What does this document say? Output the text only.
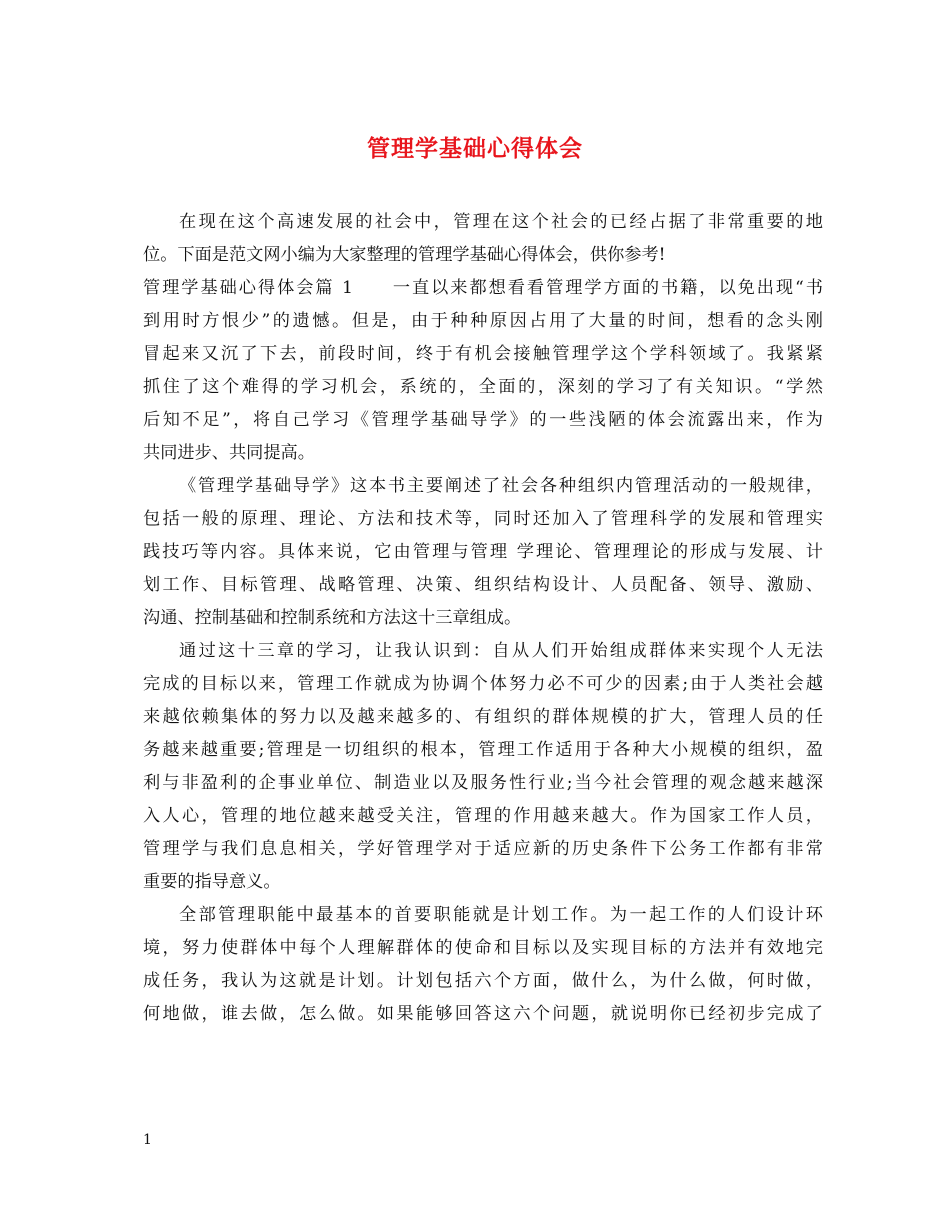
管理学基础心得体会

在现在这个高速发展的社会中，管理在这个社会的已经占据了非常重要的地

位。下面是范文网小编为大家整理的管理学基础心得体会，供你参考!

管理学基础心得体会篇 1 一直以来都想看看管理学方面的书籍，以免出现“书

到用时方恨少”的遗憾。但是，由于种种原因占用了大量的时间，想看的念头刚

冒起来又沉了下去，前段时间，终于有机会接触管理学这个学科领域了。我紧紧

抓住了这个难得的学习机会，系统的，全面的，深刻的学习了有关知识。“学然

后知不足”，将自己学习《管理学基础导学》的一些浅陋的体会流露出来，作为

共同进步、共同提高。

《管理学基础导学》这本书主要阐述了社会各种组织内管理活动的一般规律，

包括一般的原理、理论、方法和技术等，同时还加入了管理科学的发展和管理实

践技巧等内容。具体来说，它由管理与管理 学理论、管理理论的形成与发展、计

划工作、目标管理、战略管理、决策、组织结构设计、人员配备、领导、激励、

沟通、控制基础和控制系统和方法这十三章组成。

通过这十三章的学习，让我认识到：自从人们开始组成群体来实现个人无法

完成的目标以来，管理工作就成为协调个体努力必不可少的因素;由于人类社会越

来越依赖集体的努力以及越来越多的、有组织的群体规模的扩大，管理人员的任

务越来越重要;管理是一切组织的根本，管理工作适用于各种大小规模的组织，盈

利与非盈利的企事业单位、制造业以及服务性行业;当今社会管理的观念越来越深

入人心，管理的地位越来越受关注，管理的作用越来越大。作为国家工作人员，

管理学与我们息息相关，学好管理学对于适应新的历史条件下公务工作都有非常

重要的指导意义。

全部管理职能中最基本的首要职能就是计划工作。为一起工作的人们设计环

境，努力使群体中每个人理解群体的使命和目标以及实现目标的方法并有效地完

成任务，我认为这就是计划。计划包括六个方面，做什么，为什么做，何时做，

何地做，谁去做，怎么做。如果能够回答这六个问题，就说明你已经初步完成了

1
